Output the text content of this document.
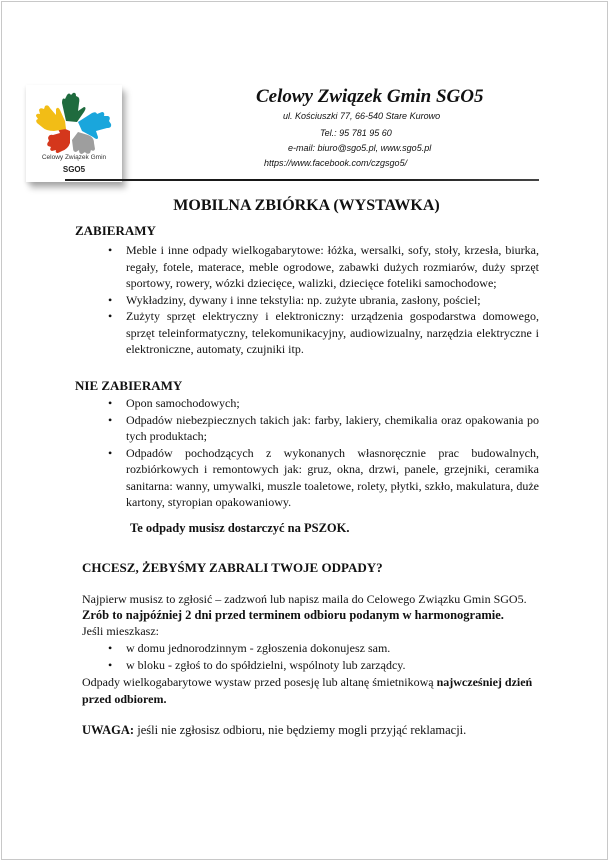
Celowy Związek Gmin
SGO5
Celowy Związek Gmin SGO5
ul. Kościuszki 77, 66-540 Stare Kurowo
Tel.: 95 781 95 60
e-mail: biuro@sgo5.pl, www.sgo5.pl
https://www.facebook.com/czgsgo5/
MOBILNA ZBIÓRKA (WYSTAWKA)
ZABIERAMY
• Meble i inne odpady wielkogabarytowe: łóżka, wersalki, sofy, stoły, krzesła, biurka, regały, fotele, materace, meble ogrodowe, zabawki dużych rozmiarów, duży sprzęt sportowy, rowery, wózki dziecięce, walizki, dziecięce foteliki samochodowe;
• Wykładziny, dywany i inne tekstylia: np. zużyte ubrania, zasłony, pościel;
• Zużyty sprzęt elektryczny i elektroniczny: urządzenia gospodarstwa domowego, sprzęt teleinformatyczny, telekomunikacyjny, audiowizualny, narzędzia elektryczne i elektroniczne, automaty, czujniki itp.
NIE ZABIERAMY
• Opon samochodowych;
• Odpadów niebezpiecznych takich jak: farby, lakiery, chemikalia oraz opakowania po tych produktach;
• Odpadów pochodzących z wykonanych własnoręcznie prac budowalnych, rozbiórkowych i remontowych jak: gruz, okna, drzwi, panele, grzejniki, ceramika sanitarna: wanny, umywalki, muszle toaletowe, rolety, płytki, szkło, makulatura, duże kartony, styropian opakowaniowy.
Te odpady musisz dostarczyć na PSZOK.
CHCESZ, ŻEBYŚMY ZABRALI TWOJE ODPADY?
Najpierw musisz to zgłosić – zadzwoń lub napisz maila do Celowego Związku Gmin SGO5.
Zrób to najpóźniej 2 dni przed terminem odbioru podanym w harmonogramie.
Jeśli mieszkasz:
• w domu jednorodzinnym - zgłoszenia dokonujesz sam.
• w bloku - zgłoś to do spółdzielni, wspólnoty lub zarządcy.
Odpady wielkogabarytowe wystaw przed posesję lub altanę śmietnikową najwcześniej dzień
przed odbiorem.
UWAGA: jeśli nie zgłosisz odbioru, nie będziemy mogli przyjąć reklamacji.
